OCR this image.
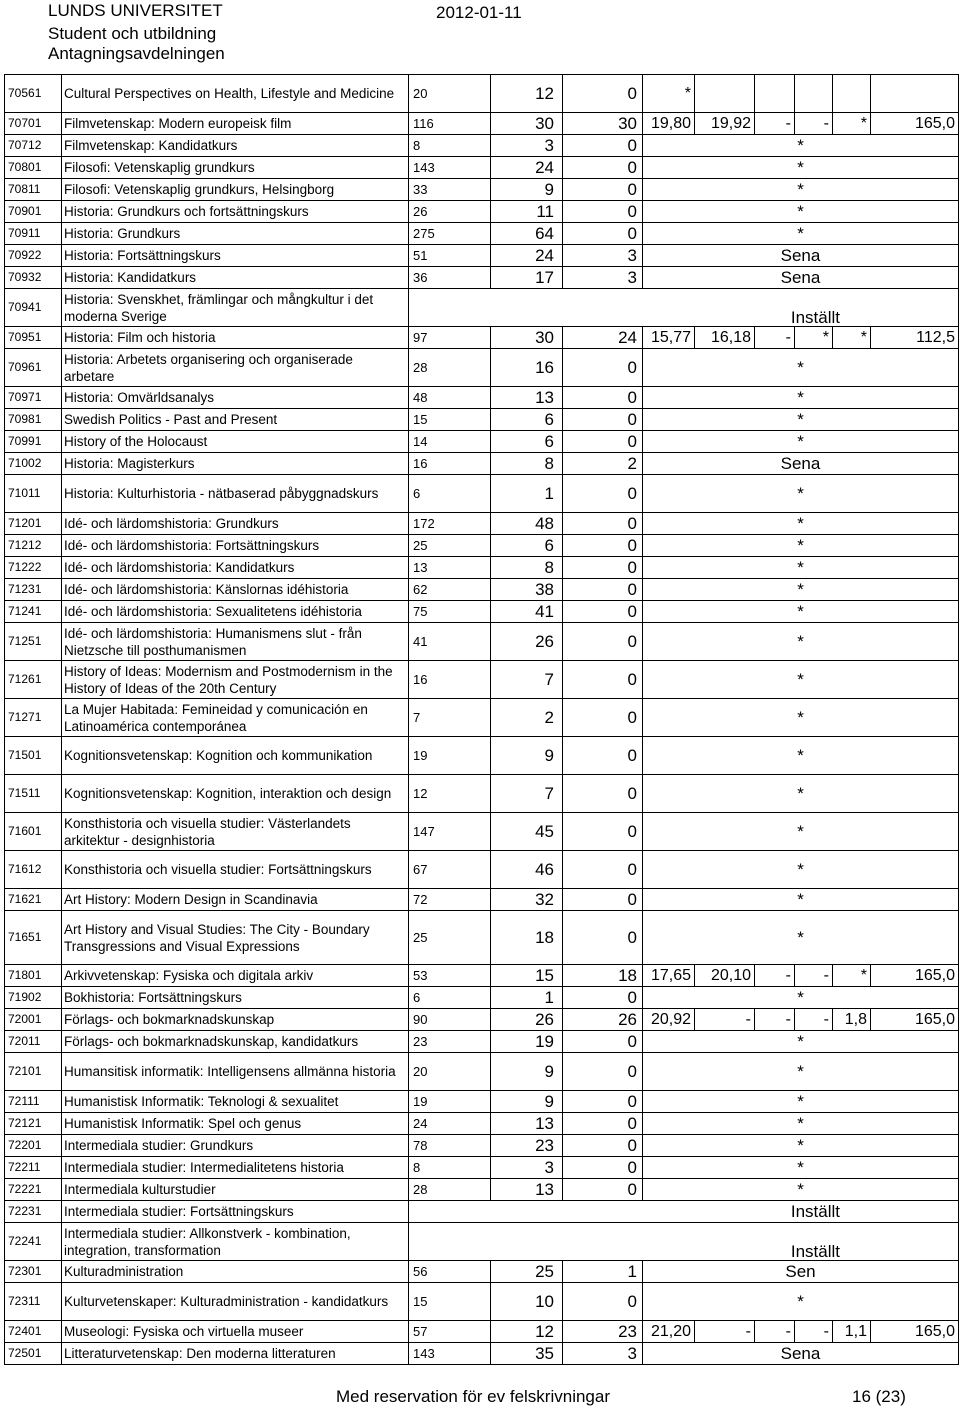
LUNDS UNIVERSITET
Student och utbildning
Antagningsavdelningen
2012-01-11
70561	Cultural Perspectives on Health, Lifestyle and Medicine	20	12	0	*					
70701	Filmvetenskap: Modern europeisk film	116	30	30	19,80	19,92	-	-	*	165,0
70712	Filmvetenskap: Kandidatkurs	8	3	0	*					
70801	Filosofi: Vetenskaplig grundkurs	143	24	0	*					
70811	Filosofi: Vetenskaplig grundkurs, Helsingborg	33	9	0	*					
70901	Historia: Grundkurs och fortsättningskurs	26	11	0	*					
70911	Historia: Grundkurs	275	64	0	*					
70922	Historia: Fortsättningskurs	51	24	3	Sena					
70932	Historia: Kandidatkurs	36	17	3	Sena					
70941	Historia: Svenskhet, främlingar och mångkultur i det moderna Sverige	Inställt								
70951	Historia: Film och historia	97	30	24	15,77	16,18	-	*	*	112,5
70961	Historia: Arbetets organisering och organiserade arbetare	28	16	0	*					
70971	Historia: Omvärldsanalys	48	13	0	*					
70981	Swedish Politics - Past and Present	15	6	0	*					
70991	History of the Holocaust	14	6	0	*					
71002	Historia: Magisterkurs	16	8	2	Sena					
71011	Historia: Kulturhistoria - nätbaserad påbyggnadskurs	6	1	0	*					
71201	Idé- och lärdomshistoria: Grundkurs	172	48	0	*					
71212	Idé- och lärdomshistoria: Fortsättningskurs	25	6	0	*					
71222	Idé- och lärdomshistoria: Kandidatkurs	13	8	0	*					
71231	Idé- och lärdomshistoria: Känslornas idéhistoria	62	38	0	*					
71241	Idé- och lärdomshistoria: Sexualitetens idéhistoria	75	41	0	*					
71251	Idé- och lärdomshistoria: Humanismens slut - från Nietzsche till posthumanismen	41	26	0	*					
71261	History of Ideas: Modernism and Postmodernism in the History of Ideas of the 20th Century	16	7	0	*					
71271	La Mujer Habitada: Femineidad y comunicación en Latinoamérica contemporánea	7	2	0	*					
71501	Kognitionsvetenskap: Kognition och kommunikation	19	9	0	*					
71511	Kognitionsvetenskap: Kognition, interaktion och design	12	7	0	*					
71601	Konsthistoria och visuella studier: Västerlandets arkitektur - designhistoria	147	45	0	*					
71612	Konsthistoria och visuella studier: Fortsättningskurs	67	46	0	*					
71621	Art History: Modern Design in Scandinavia	72	32	0	*					
71651	Art History and Visual Studies: The City - Boundary Transgressions and Visual Expressions	25	18	0	*					
71801	Arkivvetenskap: Fysiska och digitala arkiv	53	15	18	17,65	20,10	-	-	*	165,0
71902	Bokhistoria: Fortsättningskurs	6	1	0	*					
72001	Förlags- och bokmarknadskunskap	90	26	26	20,92	-	-	-	1,8	165,0
72011	Förlags- och bokmarknadskunskap, kandidatkurs	23	19	0	*					
72101	Humansitisk informatik: Intelligensens allmänna historia	20	9	0	*					
72111	Humanistisk Informatik: Teknologi & sexualitet	19	9	0	*					
72121	Humanistisk Informatik: Spel och genus	24	13	0	*					
72201	Intermediala studier: Grundkurs	78	23	0	*					
72211	Intermediala studier: Intermedialitetens historia	8	3	0	*					
72221	Intermediala kulturstudier	28	13	0	*					
72231	Intermediala studier: Fortsättningskurs	Inställt								
72241	Intermediala studier: Allkonstverk - kombination, integration, transformation	Inställt								
72301	Kulturadministration	56	25	1	Sen					
72311	Kulturvetenskaper: Kulturadministration - kandidatkurs	15	10	0	*					
72401	Museologi: Fysiska och virtuella museer	57	12	23	21,20	-	-	-	1,1	165,0
72501	Litteraturvetenskap: Den moderna litteraturen	143	35	3	Sena					
Med reservation för ev felskrivningar	16 (23)
